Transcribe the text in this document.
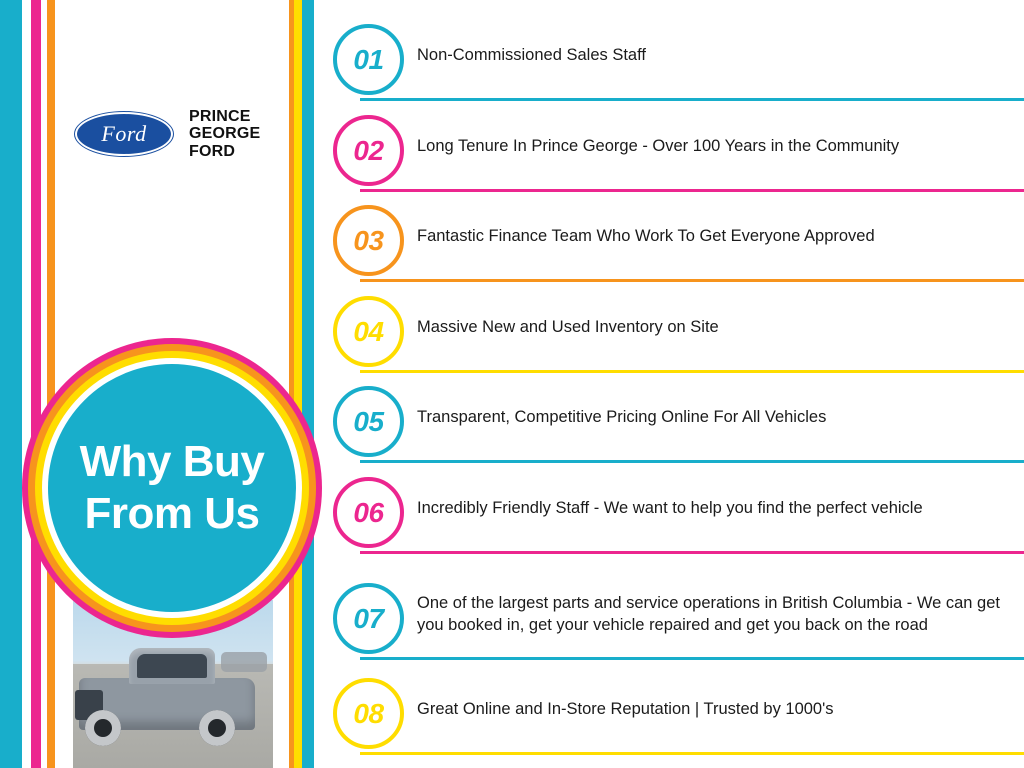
Ford
PRINCE
GEORGE
FORD
Why Buy
From Us
01 Non-Commissioned Sales Staff
02 Long Tenure In Prince George - Over 100 Years in the Community
03 Fantastic Finance Team Who Work To Get Everyone Approved
04 Massive New and Used Inventory on Site
05 Transparent, Competitive Pricing Online For All Vehicles
06 Incredibly Friendly Staff - We want to help you find the perfect vehicle
07 One of the largest parts and service operations in British Columbia - We can get you booked in, get your vehicle repaired and get you back on the road
08 Great Online and In-Store Reputation | Trusted by 1000's
